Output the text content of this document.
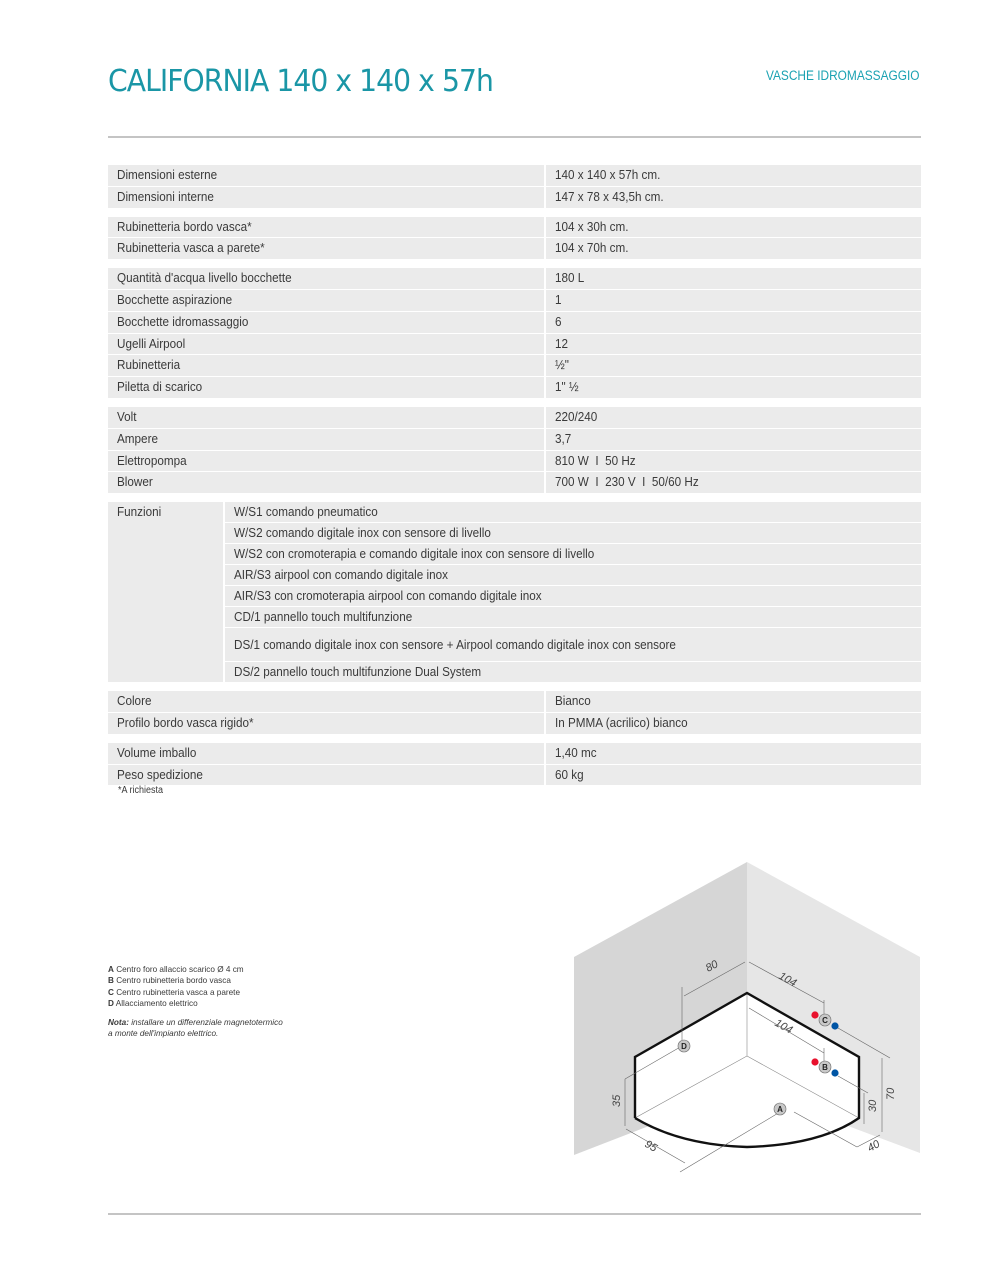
CALIFORNIA 140 x 140 x 57h	VASCHE IDROMASSAGGIO
Dimensioni esterne	140 x 140 x 57h cm.
Dimensioni interne	147 x 78 x 43,5h cm.
Rubinetteria bordo vasca*	104 x 30h cm.
Rubinetteria vasca a parete*	104 x 70h cm.
Quantità d'acqua livello bocchette	180 L
Bocchette aspirazione	1
Bocchette idromassaggio	6
Ugelli Airpool	12
Rubinetteria	½"
Piletta di scarico	1" ½
Volt	220/240
Ampere	3,7
Elettropompa	810 W  I  50 Hz
Blower	700 W  I  230 V  I  50/60 Hz
Funzioni	W/S1 comando pneumatico
W/S2 comando digitale inox con sensore di livello
W/S2 con cromoterapia e comando digitale inox con sensore di livello
AIR/S3 airpool con comando digitale inox
AIR/S3 con cromoterapia airpool con comando digitale inox
CD/1 pannello touch multifunzione
DS/1 comando digitale inox con sensore + Airpool comando digitale inox con sensore
DS/2 pannello touch multifunzione Dual System
Colore	Bianco
Profilo bordo vasca rigido*	In PMMA (acrilico) bianco
Volume imballo	1,40 mc
Peso spedizione	60 kg
*A richiesta
A Centro foro allaccio scarico Ø 4 cm
B Centro rubinetteria bordo vasca
C Centro rubinetteria vasca a parete
D Allacciamento elettrico
Nota: installare un differenziale magnetotermico a monte dell'impianto elettrico.
80
104
104
35
95
30
70
40
C
B
D
A
